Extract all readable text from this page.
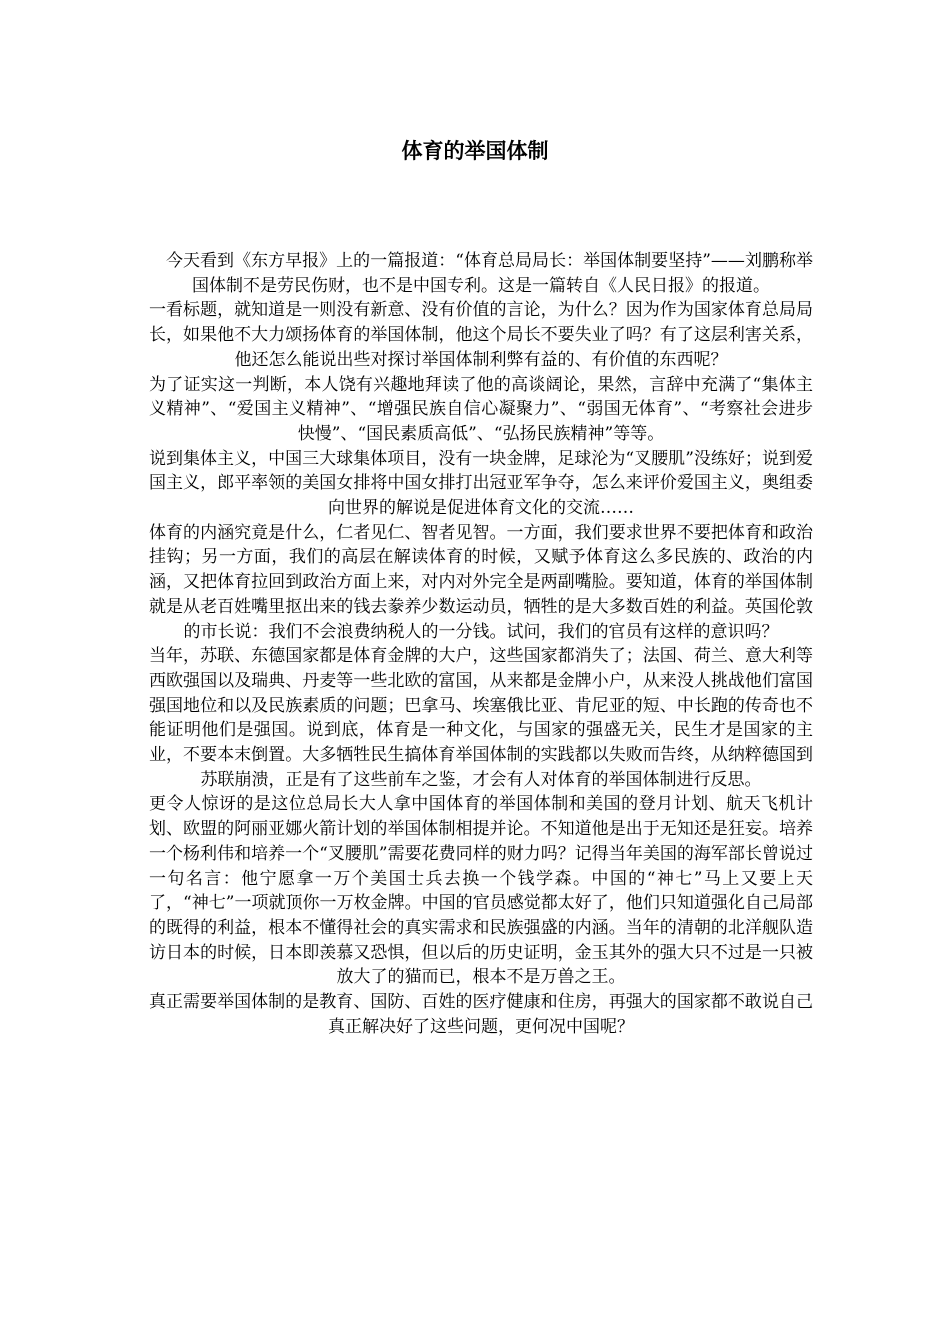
体育的举国体制

今天看到《东方早报》上的一篇报道：“体育总局局长：举国体制要坚持”——刘鹏称举国体制不是劳民伤财，也不是中国专利。这是一篇转自《人民日报》的报道。

一看标题，就知道是一则没有新意、没有价值的言论，为什么？因为作为国家体育总局局长，如果他不大力颂扬体育的举国体制，他这个局长不要失业了吗？有了这层利害关系，他还怎么能说出些对探讨举国体制利弊有益的、有价值的东西呢？

为了证实这一判断，本人饶有兴趣地拜读了他的高谈阔论，果然，言辞中充满了“集体主义精神”、“爱国主义精神”、“增强民族自信心凝聚力”、“弱国无体育”、“考察社会进步快慢”、“国民素质高低”、“弘扬民族精神”等等。

说到集体主义，中国三大球集体项目，没有一块金牌，足球沦为“叉腰肌”没练好；说到爱国主义，郎平率领的美国女排将中国女排打出冠亚军争夺，怎么来评价爱国主义，奥组委向世界的解说是促进体育文化的交流……

体育的内涵究竟是什么，仁者见仁、智者见智。一方面，我们要求世界不要把体育和政治挂钩；另一方面，我们的高层在解读体育的时候，又赋予体育这么多民族的、政治的内涵，又把体育拉回到政治方面上来，对内对外完全是两副嘴脸。要知道，体育的举国体制就是从老百姓嘴里抠出来的钱去豢养少数运动员，牺牲的是大多数百姓的利益。英国伦敦的市长说：我们不会浪费纳税人的一分钱。试问，我们的官员有这样的意识吗？

当年，苏联、东德国家都是体育金牌的大户，这些国家都消失了；法国、荷兰、意大利等西欧强国以及瑞典、丹麦等一些北欧的富国，从来都是金牌小户，从来没人挑战他们富国强国地位和以及民族素质的问题；巴拿马、埃塞俄比亚、肯尼亚的短、中长跑的传奇也不能证明他们是强国。说到底，体育是一种文化，与国家的强盛无关，民生才是国家的主业，不要本末倒置。大多牺牲民生搞体育举国体制的实践都以失败而告终，从纳粹德国到苏联崩溃，正是有了这些前车之鉴，才会有人对体育的举国体制进行反思。

更令人惊讶的是这位总局长大人拿中国体育的举国体制和美国的登月计划、航天飞机计划、欧盟的阿丽亚娜火箭计划的举国体制相提并论。不知道他是出于无知还是狂妄。培养一个杨利伟和培养一个“叉腰肌”需要花费同样的财力吗？记得当年美国的海军部长曾说过一句名言：他宁愿拿一万个美国士兵去换一个钱学森。中国的“神七”马上又要上天了，“神七”一项就顶你一万枚金牌。中国的官员感觉都太好了，他们只知道强化自己局部的既得的利益，根本不懂得社会的真实需求和民族强盛的内涵。当年的清朝的北洋舰队造访日本的时候，日本即羡慕又恐惧，但以后的历史证明，金玉其外的强大只不过是一只被放大了的猫而已，根本不是万兽之王。

真正需要举国体制的是教育、国防、百姓的医疗健康和住房，再强大的国家都不敢说自己真正解决好了这些问题，更何况中国呢？
